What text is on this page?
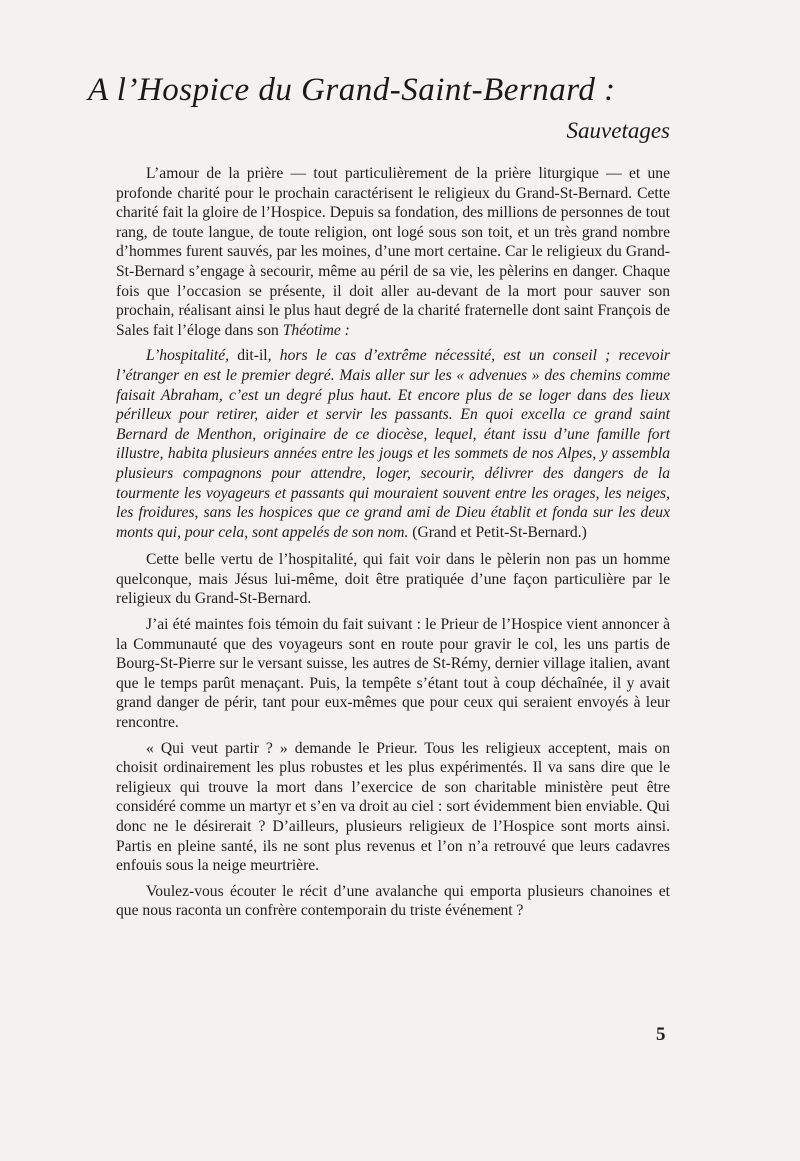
A l’Hospice du Grand-Saint-Bernard :
Sauvetages

L’amour de la prière — tout particulièrement de la prière liturgique — et une profonde charité pour le prochain caractérisent le religieux du Grand-St-Bernard. Cette charité fait la gloire de l’Hospice. Depuis sa fondation, des millions de personnes de tout rang, de toute langue, de toute religion, ont logé sous son toit, et un très grand nombre d’hommes furent sauvés, par les moines, d’une mort certaine. Car le religieux du Grand-St-Bernard s’engage à secourir, même au péril de sa vie, les pèlerins en danger. Chaque fois que l’occasion se présente, il doit aller au-devant de la mort pour sauver son prochain, réalisant ainsi le plus haut degré de la charité fraternelle dont saint François de Sales fait l’éloge dans son Théotime :

L’hospitalité, dit-il, hors le cas d’extrême nécessité, est un conseil ; recevoir l’étranger en est le premier degré. Mais aller sur les « advenues » des chemins comme faisait Abraham, c’est un degré plus haut. Et encore plus de se loger dans des lieux périlleux pour retirer, aider et servir les passants. En quoi excella ce grand saint Bernard de Menthon, originaire de ce diocèse, lequel, étant issu d’une famille fort illustre, habita plusieurs années entre les jougs et les sommets de nos Alpes, y assembla plusieurs compagnons pour attendre, loger, secourir, délivrer des dangers de la tourmente les voyageurs et passants qui mouraient souvent entre les orages, les neiges, les froidures, sans les hospices que ce grand ami de Dieu établit et fonda sur les deux monts qui, pour cela, sont appelés de son nom. (Grand et Petit-St-Bernard.)

Cette belle vertu de l’hospitalité, qui fait voir dans le pèlerin non pas un homme quelconque, mais Jésus lui-même, doit être pratiquée d’une façon particulière par le religieux du Grand-St-Bernard.

J’ai été maintes fois témoin du fait suivant : le Prieur de l’Hospice vient annoncer à la Communauté que des voyageurs sont en route pour gravir le col, les uns partis de Bourg-St-Pierre sur le versant suisse, les autres de St-Rémy, dernier village italien, avant que le temps parût menaçant. Puis, la tempête s’étant tout à coup déchaînée, il y avait grand danger de périr, tant pour eux-mêmes que pour ceux qui seraient envoyés à leur rencontre.

« Qui veut partir ? » demande le Prieur. Tous les religieux acceptent, mais on choisit ordinairement les plus robustes et les plus expérimentés. Il va sans dire que le religieux qui trouve la mort dans l’exercice de son charitable ministère peut être considéré comme un martyr et s’en va droit au ciel : sort évidemment bien enviable. Qui donc ne le désirerait ? D’ailleurs, plusieurs religieux de l’Hospice sont morts ainsi. Partis en pleine santé, ils ne sont plus revenus et l’on n’a retrouvé que leurs cadavres enfouis sous la neige meurtrière.

Voulez-vous écouter le récit d’une avalanche qui emporta plusieurs chanoines et que nous raconta un confrère contemporain du triste événement ?

5
